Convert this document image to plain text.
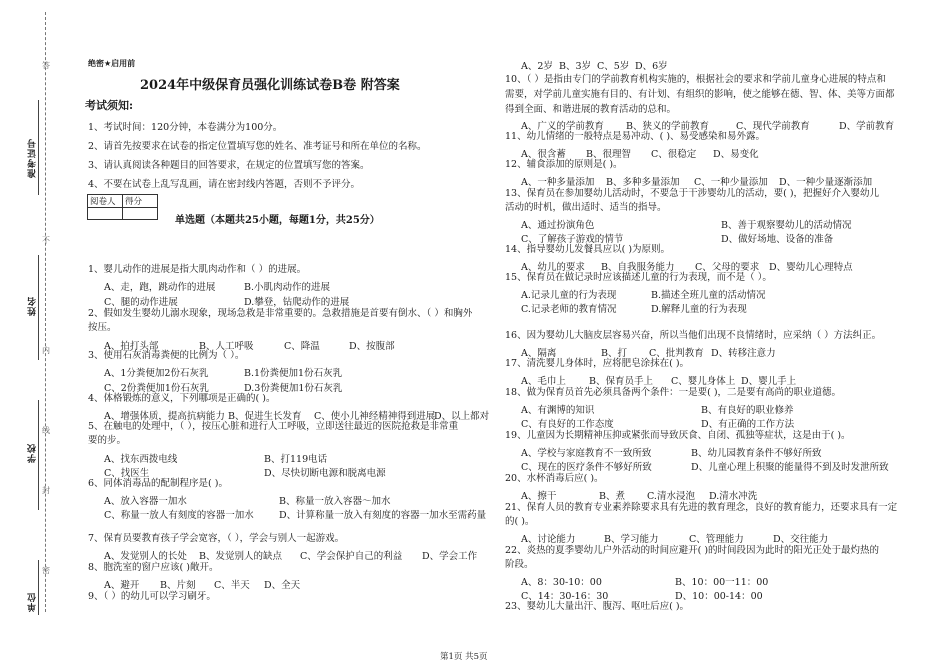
准考证号
姓名
学校
单位
答
不
内
线
封
密
绝密★启用前
2024年中级保育员强化训练试卷B卷 附答案
考试须知:
1、考试时间：120分钟，本卷满分为100分。
2、请首先按要求在试卷的指定位置填写您的姓名、准考证号和所在单位的名称。
3、请认真阅读各种题目的回答要求，在规定的位置填写您的答案。
4、不要在试卷上乱写乱画，请在密封线内答题，否则不予评分。
阅卷人	得分

单选题（本题共25小题，每题1分，共25分）
1、婴儿动作的进展是指大肌肉动作和（ ）的进展。
A、走，跑，跳动作的进展	B.小肌肉动作的进展
C、腿的动作进展	D.攀登，钻爬动作的进展
2、假如发生婴幼儿溺水现象，现场急救是非常重要的。急救措施是首要有倒水、（ ）和胸外
按压。
A、拍打头部	B、人工呼吸	C、降温	D、按腹部
3、使用石灰消毒粪便的比例为（ ）。
A、1分粪便加2份石灰乳	B.1份粪便加1份石灰乳
C、2份粪便加1份石灰乳	D.3份粪便加1份石灰乳
4、体格锻炼的意义，下列哪项是正确的( )。
A、增强体质，提高抗病能力 B、促进生长发育 C、使小儿神经精神得到进展
D、以上都对
5、在触电的处理中，（ ），按压心脏和进行人工呼吸，立即送往最近的医院抢救是非常重
要的步。
A、找东西拨电线	B、打119电话
C、找医生	D、尽快切断电源和脱离电源
6、同体消毒品的配制程序是( )。
A、放入容器一加水	B、称量一放入容器～加水
C、称量一放人有刻度的容器一加水	D、计算称量一放入有刻度的容器一加水至需药量
7、保育员要教育孩子学会宽容，（ ），学会与别人一起游戏。
A、发觉别人的长处 B、发觉别人的缺点 C、学会保护自己的利益 D、学会工作
8、胞洗室的窗户应该( )敞开。
A、避开 B、片刻 C、半天 D、全天
9、（ ）的幼儿可以学习刷牙。
A、2岁 B、3岁 C、5岁 D、6岁
10、（ ）是指由专门的学前教育机构实施的，根据社会的要求和学前儿童身心进展的特点和
需要，对学前儿童实施有目的、有计划、有组织的影响，使之能够在德、智、体、美等方面都
得到全面、和谐进展的教育活动的总和。
A、广义的学前教育 B、狭义的学前教育	C、现代学前教育	D、学前教育
11、幼儿情绪的一般特点是易冲动、( )、易受感染和易外露。
A、很含蓄 B、很理智 C、很稳定 D、易变化
12、辅食添加的原则是( )。
A、一种多量添加 B、多种多量添加 C、一种少量添加 D、一种少量逐渐添加
13、保育员在参加婴幼儿活动时，不要急于干涉婴幼儿的活动，要( )，把握好介入婴幼儿
活动的时机，做出适时、适当的指导。
A、通过扮演角色	B、善于观察婴幼儿的活动情况
C、了解孩子游戏的情节	D、做好场地、设备的准备
14、指导婴幼儿发餐具应以( )为原则。
A、幼儿的要求 B、自我服务能力 C、父母的要求 D、婴幼儿心理特点
15、保育员在做记录时应该描述儿童的行为表现，而不是（ ）。
A.记录儿童的行为表现	B.描述全班儿童的活动情况
C.记录老师的教育情况	D.解释儿童的行为表现
16、因为婴幼儿大脑皮层容易兴奋，所以当他们出现不良情绪时，应采纳（ ）方法纠正。
A、隔离	B、打 C、批判教育 D、转移注意力
17、清洗婴儿身体时，应将肥皂涂抹在( )。
A、毛巾上 B、保育员手上 C、婴儿身体上 D、婴儿手上
18、做为保育员首先必须具备两个条件：一是要( )，二是要有高尚的职业道德。
A、有渊博的知识	B、有良好的职业修养
C、有良好的工作态度	D、有正确的工作方法
19、儿童因为长期精神压抑或紧张而导致厌食、自闭、孤独等症状，这是由于( )。
A、学校与家庭教育不一致所致	B、幼儿园教育条件不够好所致
C、现在的医疗条件不够好所致	D、儿童心理上积聚的能量得不到及时发泄所致
20、水杯消毒后应( )。
A、擦干	B、煮 C.清水浸泡 D.清水冲洗
21、保育人员的教育专业素养除要求具有先进的教育理念，良好的教育能力，还要求具有一定
的( )。
A、讨论能力	B、学习能力	C、管理能力	D、交往能力
22、炎热的夏季婴幼儿户外活动的时间应避开( )的时间段因为此时的阳光正处于最灼热的
阶段。
A、8：30-10：00	B、10：00一11：00
C、14：30-16：30	D、10：00-14：00
23、婴幼儿大量出汗、腹泻、呕吐后应( )。
第1页 共5页
